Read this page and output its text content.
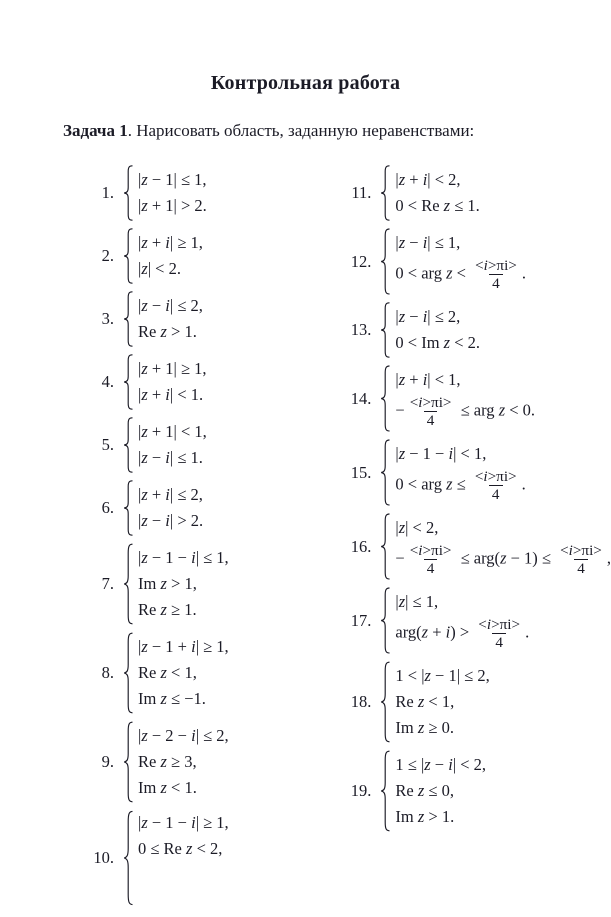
Контрольная работа

Задача 1. Нарисовать область, заданную неравенствами:

1.
|z − 1| ≤ 1,
|z + 1| > 2.
2.
|z + i| ≥ 1,
|z| < 2.
3.
|z − i| ≤ 2,
Re z > 1.
4.
|z + 1| ≥ 1,
|z + i| < 1.
5.
|z + 1| < 1,
|z − i| ≤ 1.
6.
|z + i| ≤ 2,
|z − i| > 2.
7.
|z − 1 − i| ≤ 1,
Im z > 1,
Re z ≥ 1.
8.
|z − 1 + i| ≥ 1,
Re z < 1,
Im z ≤ −1.
9.
|z − 2 − i| ≤ 2,
Re z ≥ 3,
Im z < 1.
10.
|z − 1 − i| ≥ 1,
0 ≤ Re z < 2,
11.
|z + i| < 2,
0 < Re z ≤ 1.
12.
|z − i| ≤ 1,
0 < arg $z < \frac{<i>\pi i>}{4}$ .
13.
|z − i| ≤ 2,
0 < Im z < 2.
14.
|z + i| < 1,
− $\frac{<i>\pi i>}{4}$ ≤ arg z < 0.
15.
|z − 1 − i| < 1,
0 < arg $z \le \frac{<i>\pi i>}{4}$ .
16.
|z| < 2,
− $\frac{<i>\pi i>}{4} \le arg(z - 1) \le \frac{<i>\pi i>}{4}$ ,
17.
|z| ≤ 1,
$arg(z + i) > \frac{<i>\pi i>}{4}$ .
18.
1 < |z − 1| ≤ 2,
Re z < 1,
Im z ≥ 0.
19.
1 ≤ |z − i| < 2,
Re z ≤ 0,
Im z > 1.
